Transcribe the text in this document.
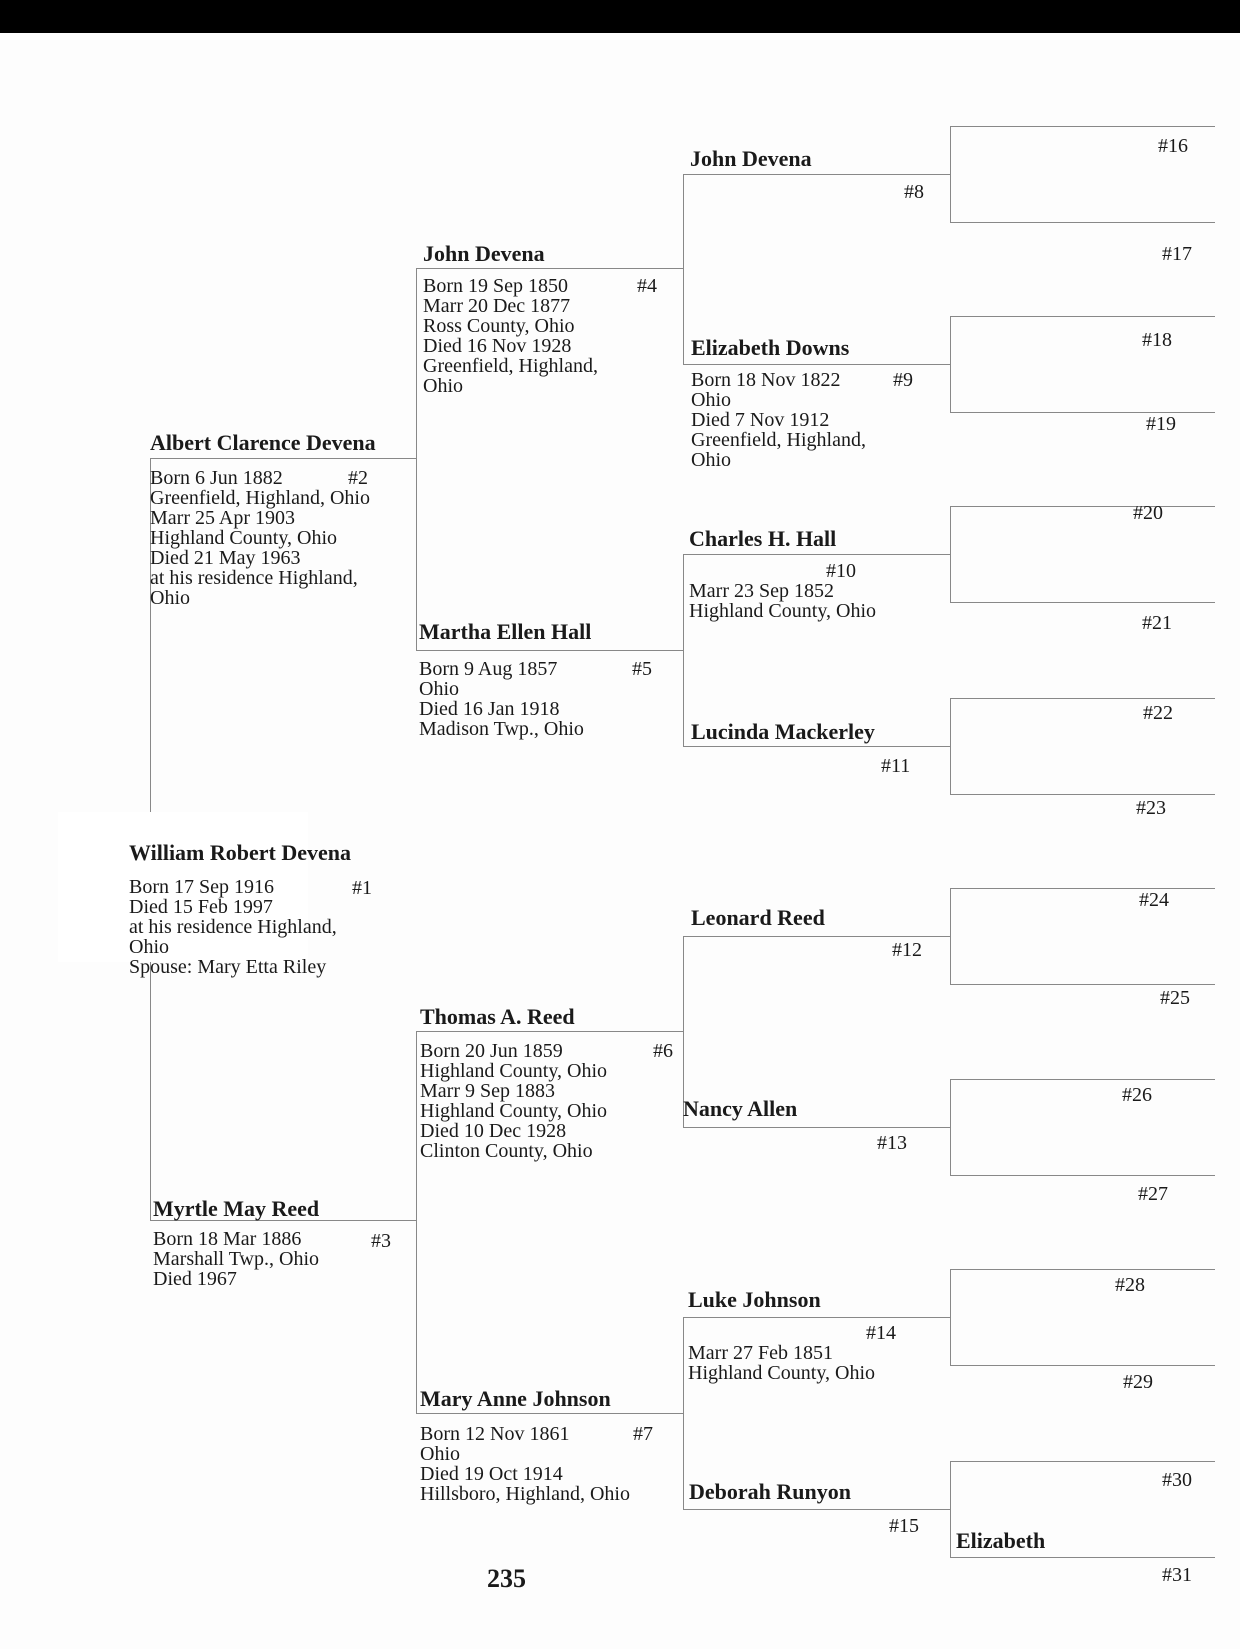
William Robert Devena
#1
Born 17 Sep 1916
Died 15 Feb 1997
at his residence Highland,
Ohio
Spouse: Mary Etta Riley
Albert Clarence Devena
#2
Born 6 Jun 1882
Greenfield, Highland, Ohio
Marr 25 Apr 1903
Highland County, Ohio
Died 21 May 1963
at his residence Highland,
Ohio
Myrtle May Reed
#3
Born 18 Mar 1886
Marshall Twp., Ohio
Died 1967
John Devena
#4
Born 19 Sep 1850
Marr 20 Dec 1877
Ross County, Ohio
Died 16 Nov 1928
Greenfield, Highland,
Ohio
Martha Ellen Hall
#5
Born 9 Aug 1857
Ohio
Died 16 Jan 1918
Madison Twp., Ohio
Thomas A. Reed
#6
Born 20 Jun 1859
Highland County, Ohio
Marr 9 Sep 1883
Highland County, Ohio
Died 10 Dec 1928
Clinton County, Ohio
Mary Anne Johnson
#7
Born 12 Nov 1861
Ohio
Died 19 Oct 1914
Hillsboro, Highland, Ohio
John Devena
#8
Elizabeth Downs
#9
Born 18 Nov 1822
Ohio
Died 7 Nov 1912
Greenfield, Highland,
Ohio
Charles H. Hall
#10
Marr 23 Sep 1852
Highland County, Ohio
Lucinda Mackerley
#11
Leonard Reed
#12
Nancy Allen
#13
Luke Johnson
#14
Marr 27 Feb 1851
Highland County, Ohio
Deborah Runyon
#15
#16
#17
#18
#19
#20
#21
#22
#23
#24
#25
#26
#27
#28
#29
#30
#31
Elizabeth
235
